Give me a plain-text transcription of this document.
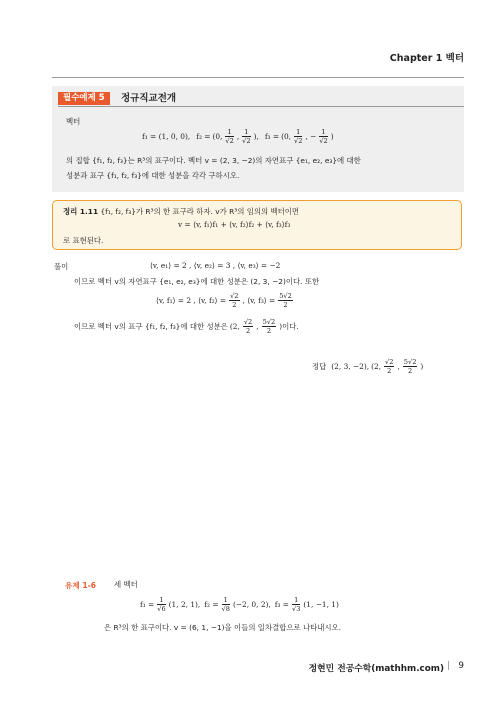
Chapter 1 벡터
필수예제 5	정규직교전개
벡터
f₁ = (1, 0, 0), f₂ = (0, $\frac{1}{√2}$ , $\frac{1}{√2}$ ), f₃ = (0, $\frac{1}{√2}$ , − $\frac{1}{√2}$ )
의 집합 {f₁, f₂, f₃}는 R³의 표구이다. 벡터 v = (2, 3, −2)의 자연표구 {e₁, e₂, e₃}에 대한
성분과 표구 {f₁, f₂, f₃}에 대한 성분을 각각 구하시오.
정리 1.11 {f₁, f₂, f₃}가 R³의 한 표구라 하자. v가 R³의 임의의 벡터이면
v = ⟨v, f₁⟩f₁ + ⟨v, f₂⟩f₂ + ⟨v, f₃⟩f₃
로 표현된다.
풀이	⟨v, e₁⟩ = 2 , ⟨v, e₂⟩ = 3 , ⟨v, e₃⟩ = −2
이므로 벡터 v의 자연표구 {e₁, e₂, e₃}에 대한 성분은 (2, 3, −2)이다. 또한
⟨v, f₁⟩ = 2 , ⟨v, f₂⟩ = $\frac{√2}{2}$ , ⟨v, f₃⟩ = $\frac{5√2}{2}$
이므로 벡터 v의 표구 {f₁, f₂, f₃}에 대한 성분은 (2, $\frac{√2}{2}$ , $\frac{5√2}{2}$ )이다.
정답 (2, 3, −2), (2, $\frac{√2}{2}$ , $\frac{5√2}{2}$ )
유제 1-6 세 벡터
$f_1 = \frac{1}{√6} (1$, 2, 1), $f_2 = \frac{1}{√8} (-2$, 0, 2), $f_3 = \frac{1}{√3} (1$, −1, 1)
은 R³의 한 표구이다. v = (6, 1, −1)을 이들의 일차결합으로 나타내시오.
정현민 전공수학(mathhm.com) | 9
